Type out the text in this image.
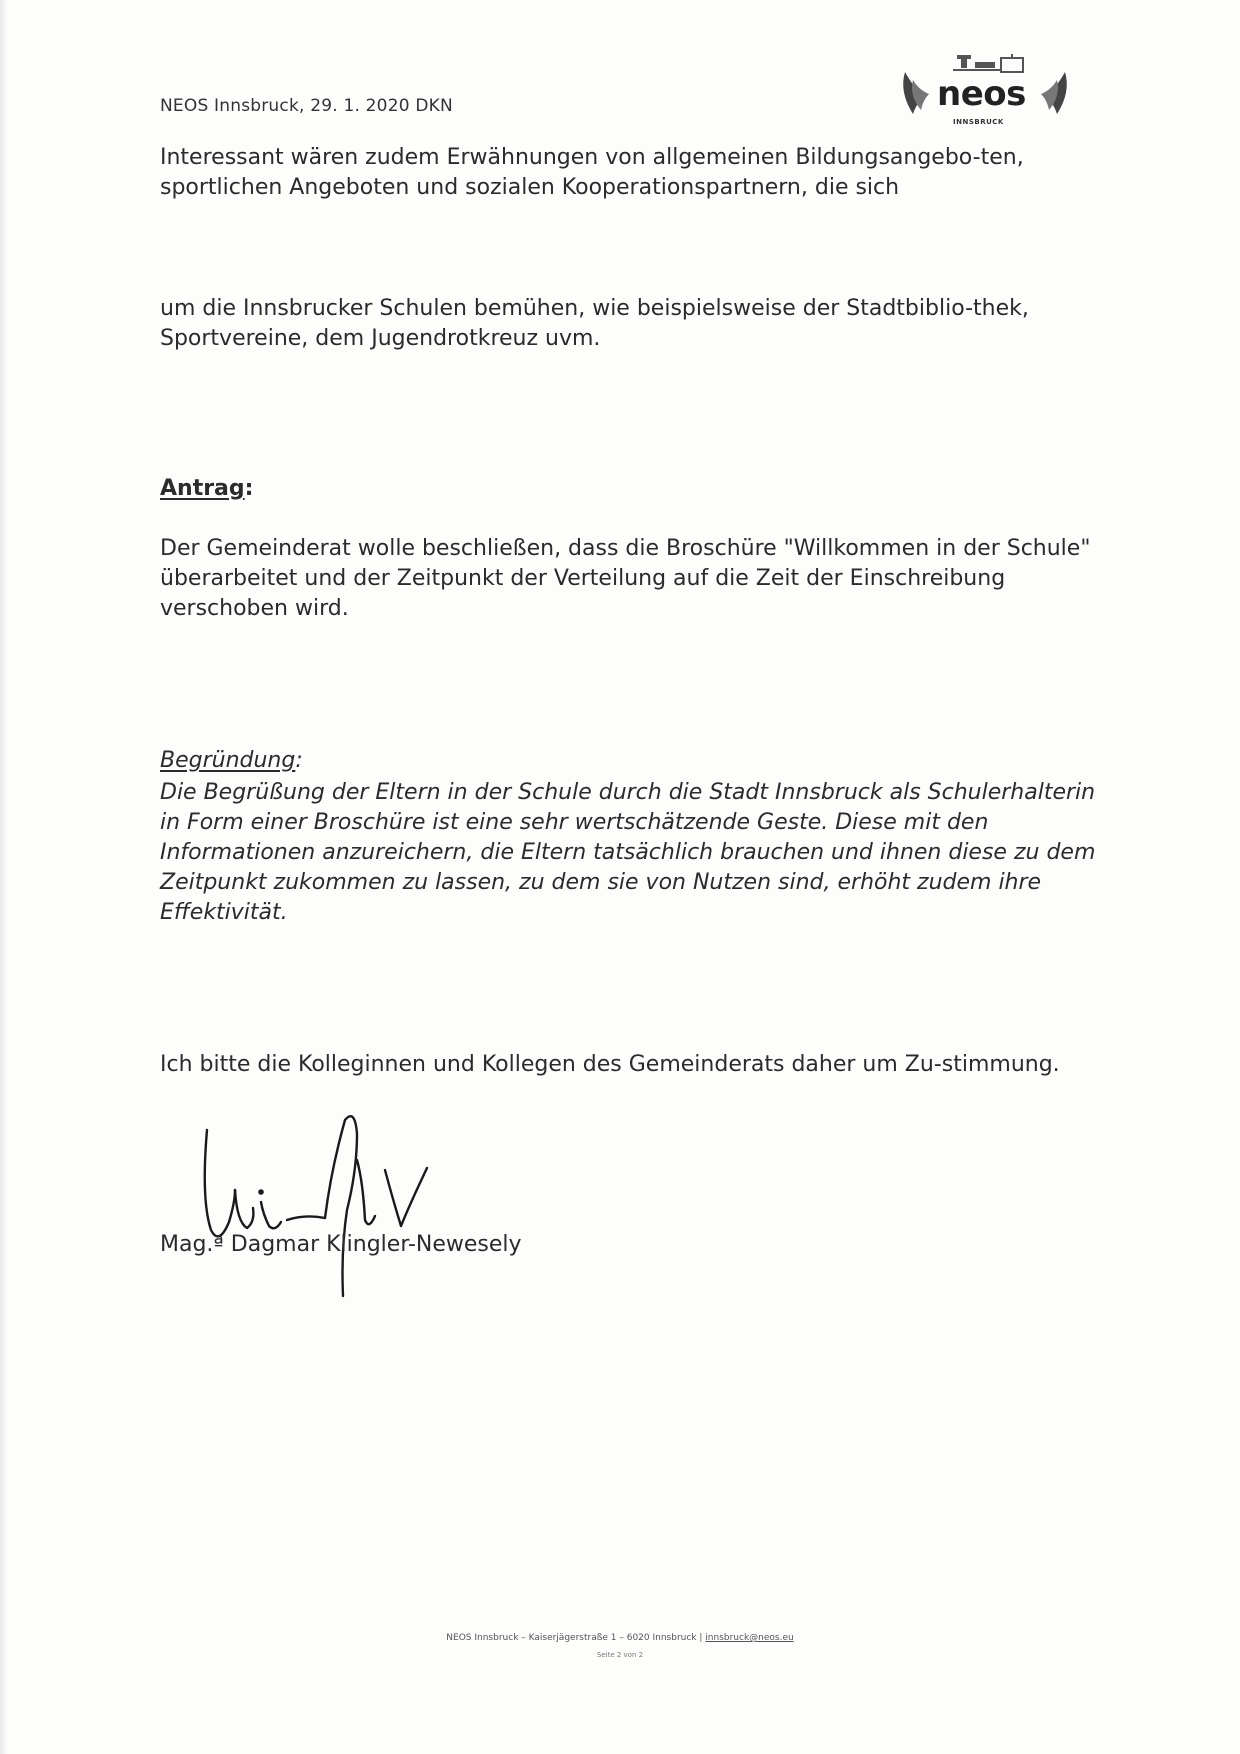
NEOS Innsbruck, 29. 1. 2020 DKN	neos
INNSBRUCK

Interessant wären zudem Erwähnungen von allgemeinen Bildungsangebo-ten, sportlichen Angeboten und sozialen Kooperationspartnern, die sich

um die Innsbrucker Schulen bemühen, wie beispielsweise der Stadtbiblio-thek, Sportvereine, dem Jugendrotkreuz uvm.

Antrag:

Der Gemeinderat wolle beschließen, dass die Broschüre "Willkommen in der Schule" überarbeitet und der Zeitpunkt der Verteilung auf die Zeit der Einschreibung verschoben wird.

Begründung:

Die Begrüßung der Eltern in der Schule durch die Stadt Innsbruck als Schulerhalterin in Form einer Broschüre ist eine sehr wertschätzende Geste. Diese mit den Informationen anzureichern, die Eltern tatsächlich brauchen und ihnen diese zu dem Zeitpunkt zukommen zu lassen, zu dem sie von Nutzen sind, erhöht zudem ihre Effektivität.

Ich bitte die Kolleginnen und Kollegen des Gemeinderats daher um Zu-stimmung.

Mag.ª Dagmar Klingler-Newesely
NEOS Innsbruck – Kaiserjägerstraße 1 – 6020 Innsbruck | innsbruck@neos.eu
Seite 2 von 2
